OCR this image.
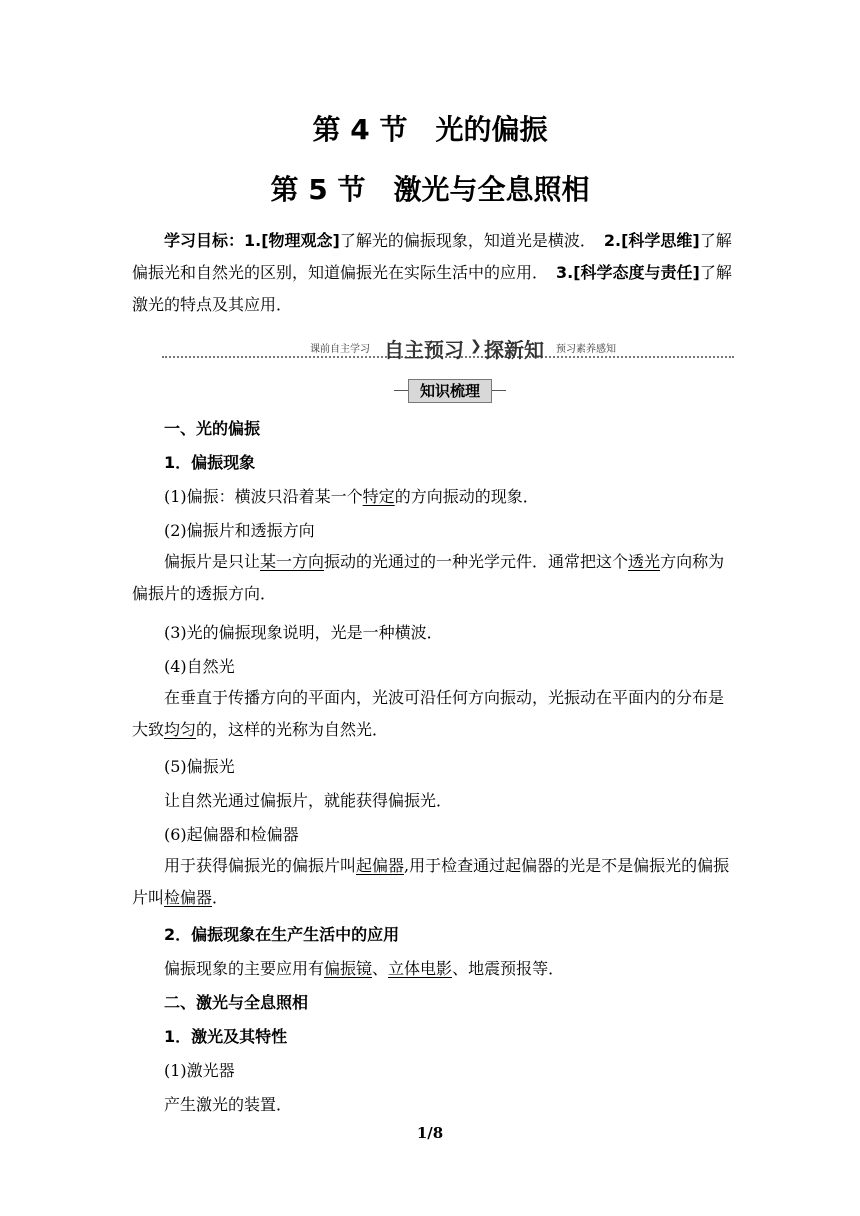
第 4 节　光的偏振
第 5 节　激光与全息照相
学习目标：1.[物理观念]了解光的偏振现象，知道光是横波．　2.[科学思维]了解偏振光和自然光的区别，知道偏振光在实际生活中的应用．　3.[科学态度与责任]了解激光的特点及其应用．
课前自主学习 自主预习 ❯ 探新知 预习素养感知
知识梳理
一、光的偏振
1．偏振现象
(1)偏振：横波只沿着某一个特定的方向振动的现象．
(2)偏振片和透振方向
偏振片是只让某一方向振动的光通过的一种光学元件．通常把这个透光方向称为偏振片的透振方向．
(3)光的偏振现象说明，光是一种横波．
(4)自然光
在垂直于传播方向的平面内，光波可沿任何方向振动，光振动在平面内的分布是大致均匀的，这样的光称为自然光．
(5)偏振光
让自然光通过偏振片，就能获得偏振光．
(6)起偏器和检偏器
用于获得偏振光的偏振片叫起偏器,用于检查通过起偏器的光是不是偏振光的偏振片叫检偏器．
2．偏振现象在生产生活中的应用
偏振现象的主要应用有偏振镜、立体电影、地震预报等．
二、激光与全息照相
1．激光及其特性
(1)激光器
产生激光的装置．
1/8
